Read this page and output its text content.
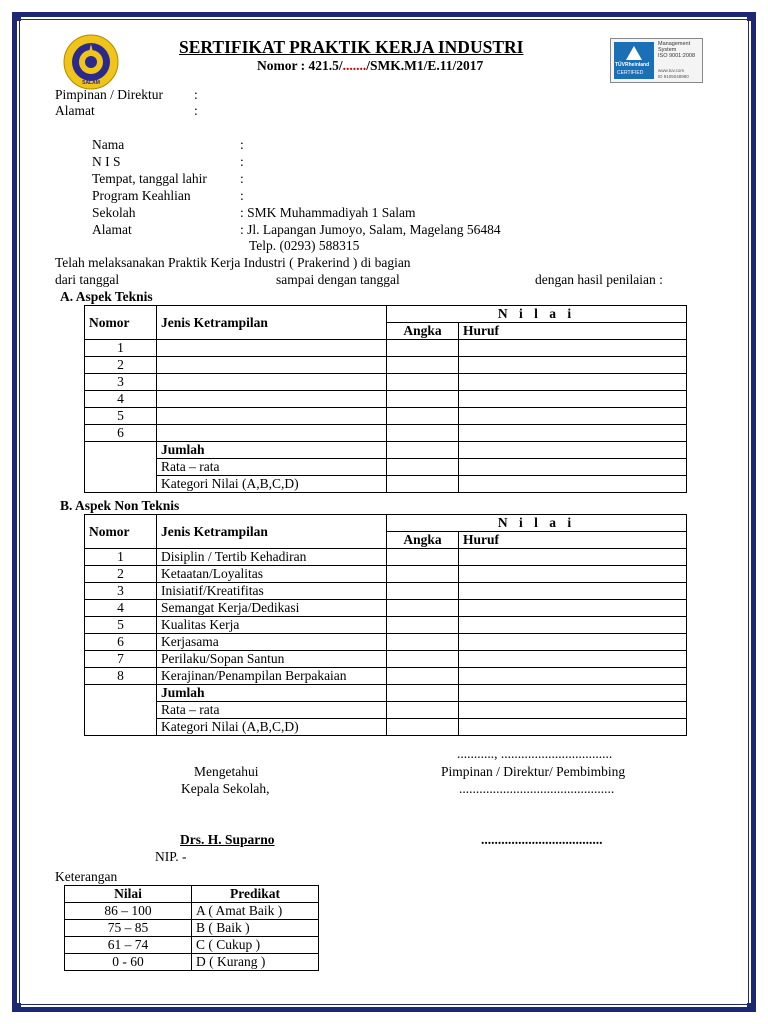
SALAM
SERTIFIKAT PRAKTIK KERJA INDUSTRI
Nomor : 421.5/......./SMK.M1/E.11/2017	TÜVRheinland
CERTIFIED
Management
System
ISO 9001:2008
www.tuv.com
ID 9105048980
Pimpinan / Direktur :
Alamat	:
Nama	:
N I S	:
Tempat, tanggal lahir :
Program Keahlian	:
Sekolah	: SMK Muhammadiyah 1 Salam
Alamat	: Jl. Lapangan Jumoyo, Salam, Magelang 56484
Telp. (0293) 588315
Telah melaksanakan Praktik Kerja Industri ( Prakerind ) di bagian
dari tanggal	sampai dengan tanggal	dengan hasil penilaian :
A. Aspek Teknis
Nomor	Jenis Ketrampilan	N i l a i	
		Angka	Huruf
1			
2			
3			
4			
5			
6			
	Jumlah		
	Rata – rata		
	Kategori Nilai (A,B,C,D)		
B. Aspek Non Teknis
Nomor	Jenis Ketrampilan	N i l a i	
		Angka	Huruf
1	Disiplin / Tertib Kehadiran		
2	Ketaatan/Loyalitas		
3	Inisiatif/Kreatifitas		
4	Semangat Kerja/Dedikasi		
5	Kualitas Kerja		
6	Kerjasama		
7	Perilaku/Sopan Santun		
8	Kerajinan/Penampilan Berpakaian		
	Jumlah		
	Rata – rata		
	Kategori Nilai (A,B,C,D)		
..........., .................................
Mengetahui	Pimpinan / Direktur/ Pembimbing
Kepala Sekolah,	..............................................
Drs. H. Suparno	....................................
NIP. -
Keterangan
Nilai	Predikat
86 – 100	A ( Amat Baik )
75 – 85	B ( Baik )
61 – 74	C ( Cukup )
0 - 60	D ( Kurang )
